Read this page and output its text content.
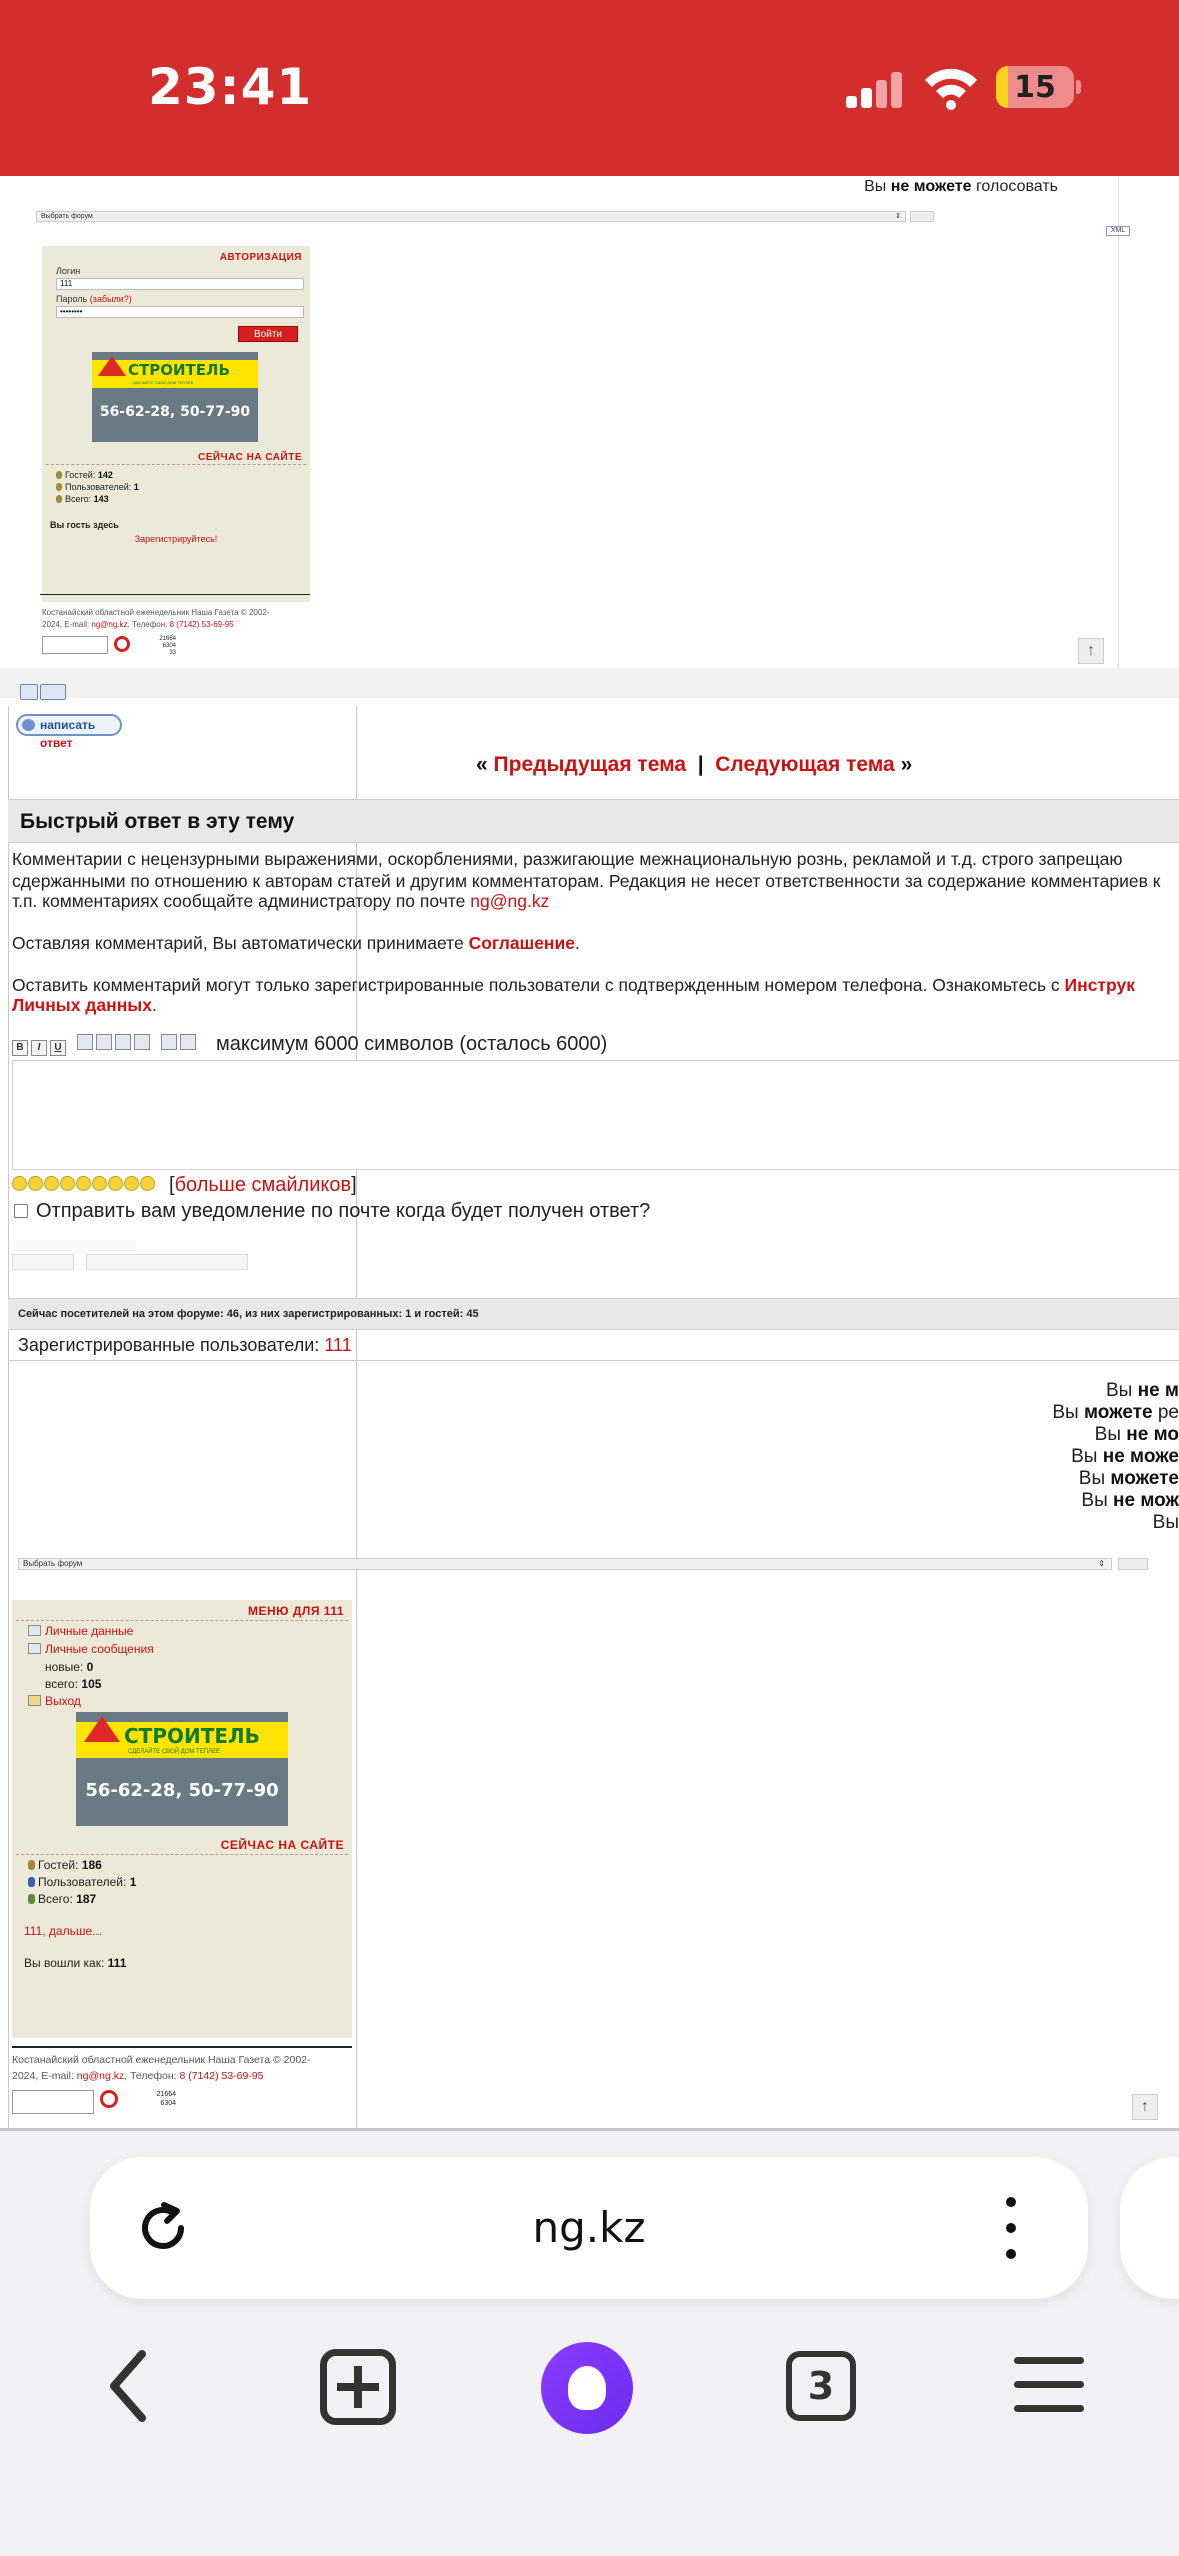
23:41	15
Вы не можете голосовать
Выбрать форум	⇕
XML
АВТОРИЗАЦИЯ
Логин
111
Пароль (забыли?)
••••••••
Войти
СТРОИТЕЛЬ
СДЕЛАЙТЕ СВОЙ ДОМ ТЕПЛЕЕ
56-62-28, 50-77-90
СЕЙЧАС НА САЙТЕ
Гостей: 142
Пользователей: 1
Всего: 143
Вы гость здесь
Зарегистрируйтесь!
Костанайский областной еженедельник Наша Газета © 2002-
2024, E-mail: ng@ng.kz. Телефон: 8 (7142) 53-69-95
21664
6304
33	↑
написать ответ
« Предыдущая тема | Следующая тема »
Быстрый ответ в эту тему
Комментарии с нецензурными выражениями, оскорблениями, разжигающие межнациональную рознь, рекламой и т.д. строго запрещаю
сдержанными по отношению к авторам статей и другим комментаторам. Редакция не несет ответственности за содержание комментариев к
т.п. комментариях сообщайте администратору по почте ng@ng.kz
Оставляя комментарий, Вы автоматически принимаете Соглашение.
Оставить комментарий могут только зарегистрированные пользователи с подтвержденным номером телефона. Ознакомьтесь с Инструк
Личных данных.
B I U	максимум 6000 символов (осталось 6000)
[больше смайликов]
Отправить вам уведомление по почте когда будет получен ответ?
Сейчас посетителей на этом форуме: 46, из них зарегистрированных: 1 и гостей: 45
Зарегистрированные пользователи: 111
Вы не м
Вы можете ре
Вы не мо
Вы не може
Вы можете
Вы не мож
Вы
Выбрать форум	⇕
МЕНЮ ДЛЯ 111
Личные данные
Личные сообщения
новые: 0
всего: 105
Выход
СТРОИТЕЛЬ
СДЕЛАЙТЕ СВОЙ ДОМ ТЕПЛЕЕ
56-62-28, 50-77-90
СЕЙЧАС НА САЙТЕ
Гостей: 186
Пользователей: 1
Всего: 187
111, дальше...
Вы вошли как: 111
Костанайский областной еженедельник Наша Газета © 2002-
2024, E-mail: ng@ng.kz, Телефон: 8 (7142) 53-69-95
21664
6304	↑
ng.kz
3
